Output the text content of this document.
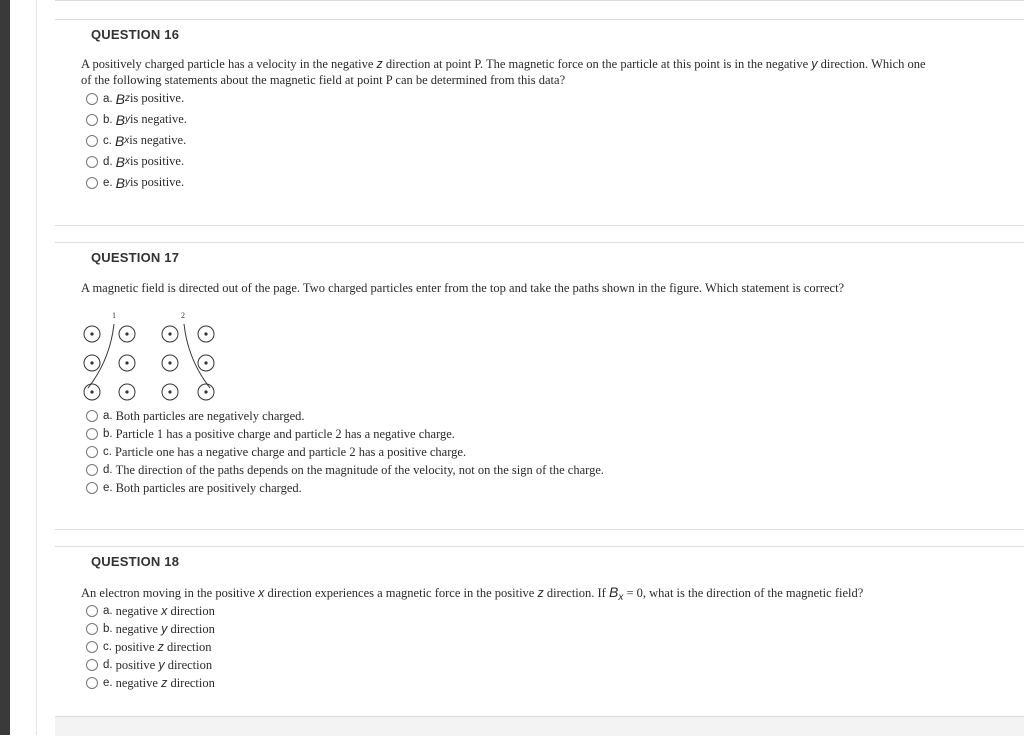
QUESTION 16
A positively charged particle has a velocity in the negative z direction at point P. The magnetic force on the particle at this point is in the negative y direction. Which one
of the following statements about the magnetic field at point P can be determined from this data?
a. B z is positive.
b. B y is negative.
c. B x is negative.
d. B x is positive.
e. B y is positive.
QUESTION 17
A magnetic field is directed out of the page. Two charged particles enter from the top and take the paths shown in the figure. Which statement is correct?
1	2
a. Both particles are negatively charged.
b. Particle 1 has a positive charge and particle 2 has a negative charge.
c. Particle one has a negative charge and particle 2 has a positive charge.
d. The direction of the paths depends on the magnitude of the velocity, not on the sign of the charge.
e. Both particles are positively charged.
QUESTION 18
An electron moving in the positive x direction experiences a magnetic force in the positive z direction. If $B_x = 0$, what is the direction of the magnetic field?
a. negative x direction
b. negative y direction
c. positive z direction
d. positive y direction
e. negative z direction
